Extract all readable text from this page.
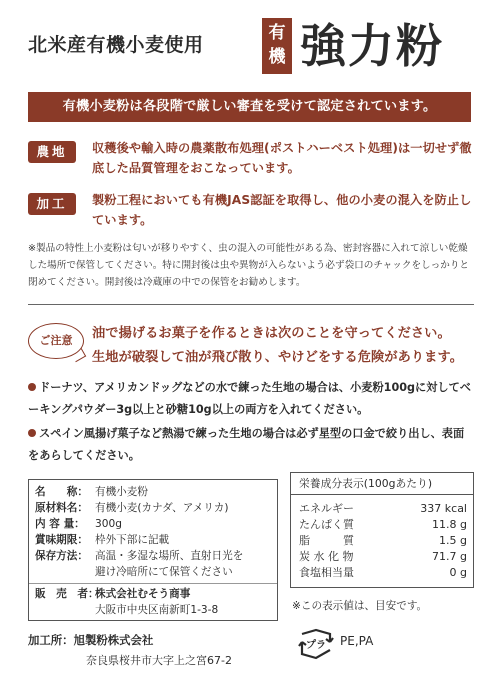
北米産有機小麦使用
有
機 強力粉
有機小麦粉は各段階で厳しい審査を受けて認定されています。
農地	収穫後や輸入時の農薬散布処理(ポストハーベスト処理)は一切せず徹底した品質管理をおこなっています。
加工	製粉工程においても有機JAS認証を取得し、他の小麦の混入を防止しています。
※製品の特性上小麦粉は匂いが移りやすく、虫の混入の可能性がある為、密封容器に入れて涼しい乾燥した場所で保管してください。特に開封後は虫や異物が入らないよう必ず袋口のチャックをしっかりと閉めてください。開封後は冷蔵庫の中での保管をお勧めします。
ご注意	油で揚げるお菓子を作るときは次のことを守ってください。
生地が破裂して油が飛び散り、やけどをする危険があります。
ドーナツ、アメリカンドッグなどの水で練った生地の場合は、小麦粉100gに対してベーキングパウダー3g以上と砂糖10g以上の両方を入れてください。
スペイン風揚げ菓子など熱湯で練った生地の場合は必ず星型の口金で絞り出し、表面をあらしてください。
名　　称： 有機小麦粉
原材料名： 有機小麦(カナダ、アメリカ)
内 容 量： 300g
賞味期限： 枠外下部に記載
保存方法： 高温・多湿な場所、直射日光を
避け冷暗所にて保管ください
販　売　者：株式会社むそう商事
大阪市中央区南新町1-3-8
栄養成分表示(100gあたり)
エネルギー	337 kcal
たんぱく質	11.8 g
脂　　　質	1.5 g
炭 水 化 物	71.7 g
食塩相当量	0 g
※この表示値は、目安です。
プラ PE,PA
加工所：旭製粉株式会社
奈良県桜井市大字上之宮67-2
